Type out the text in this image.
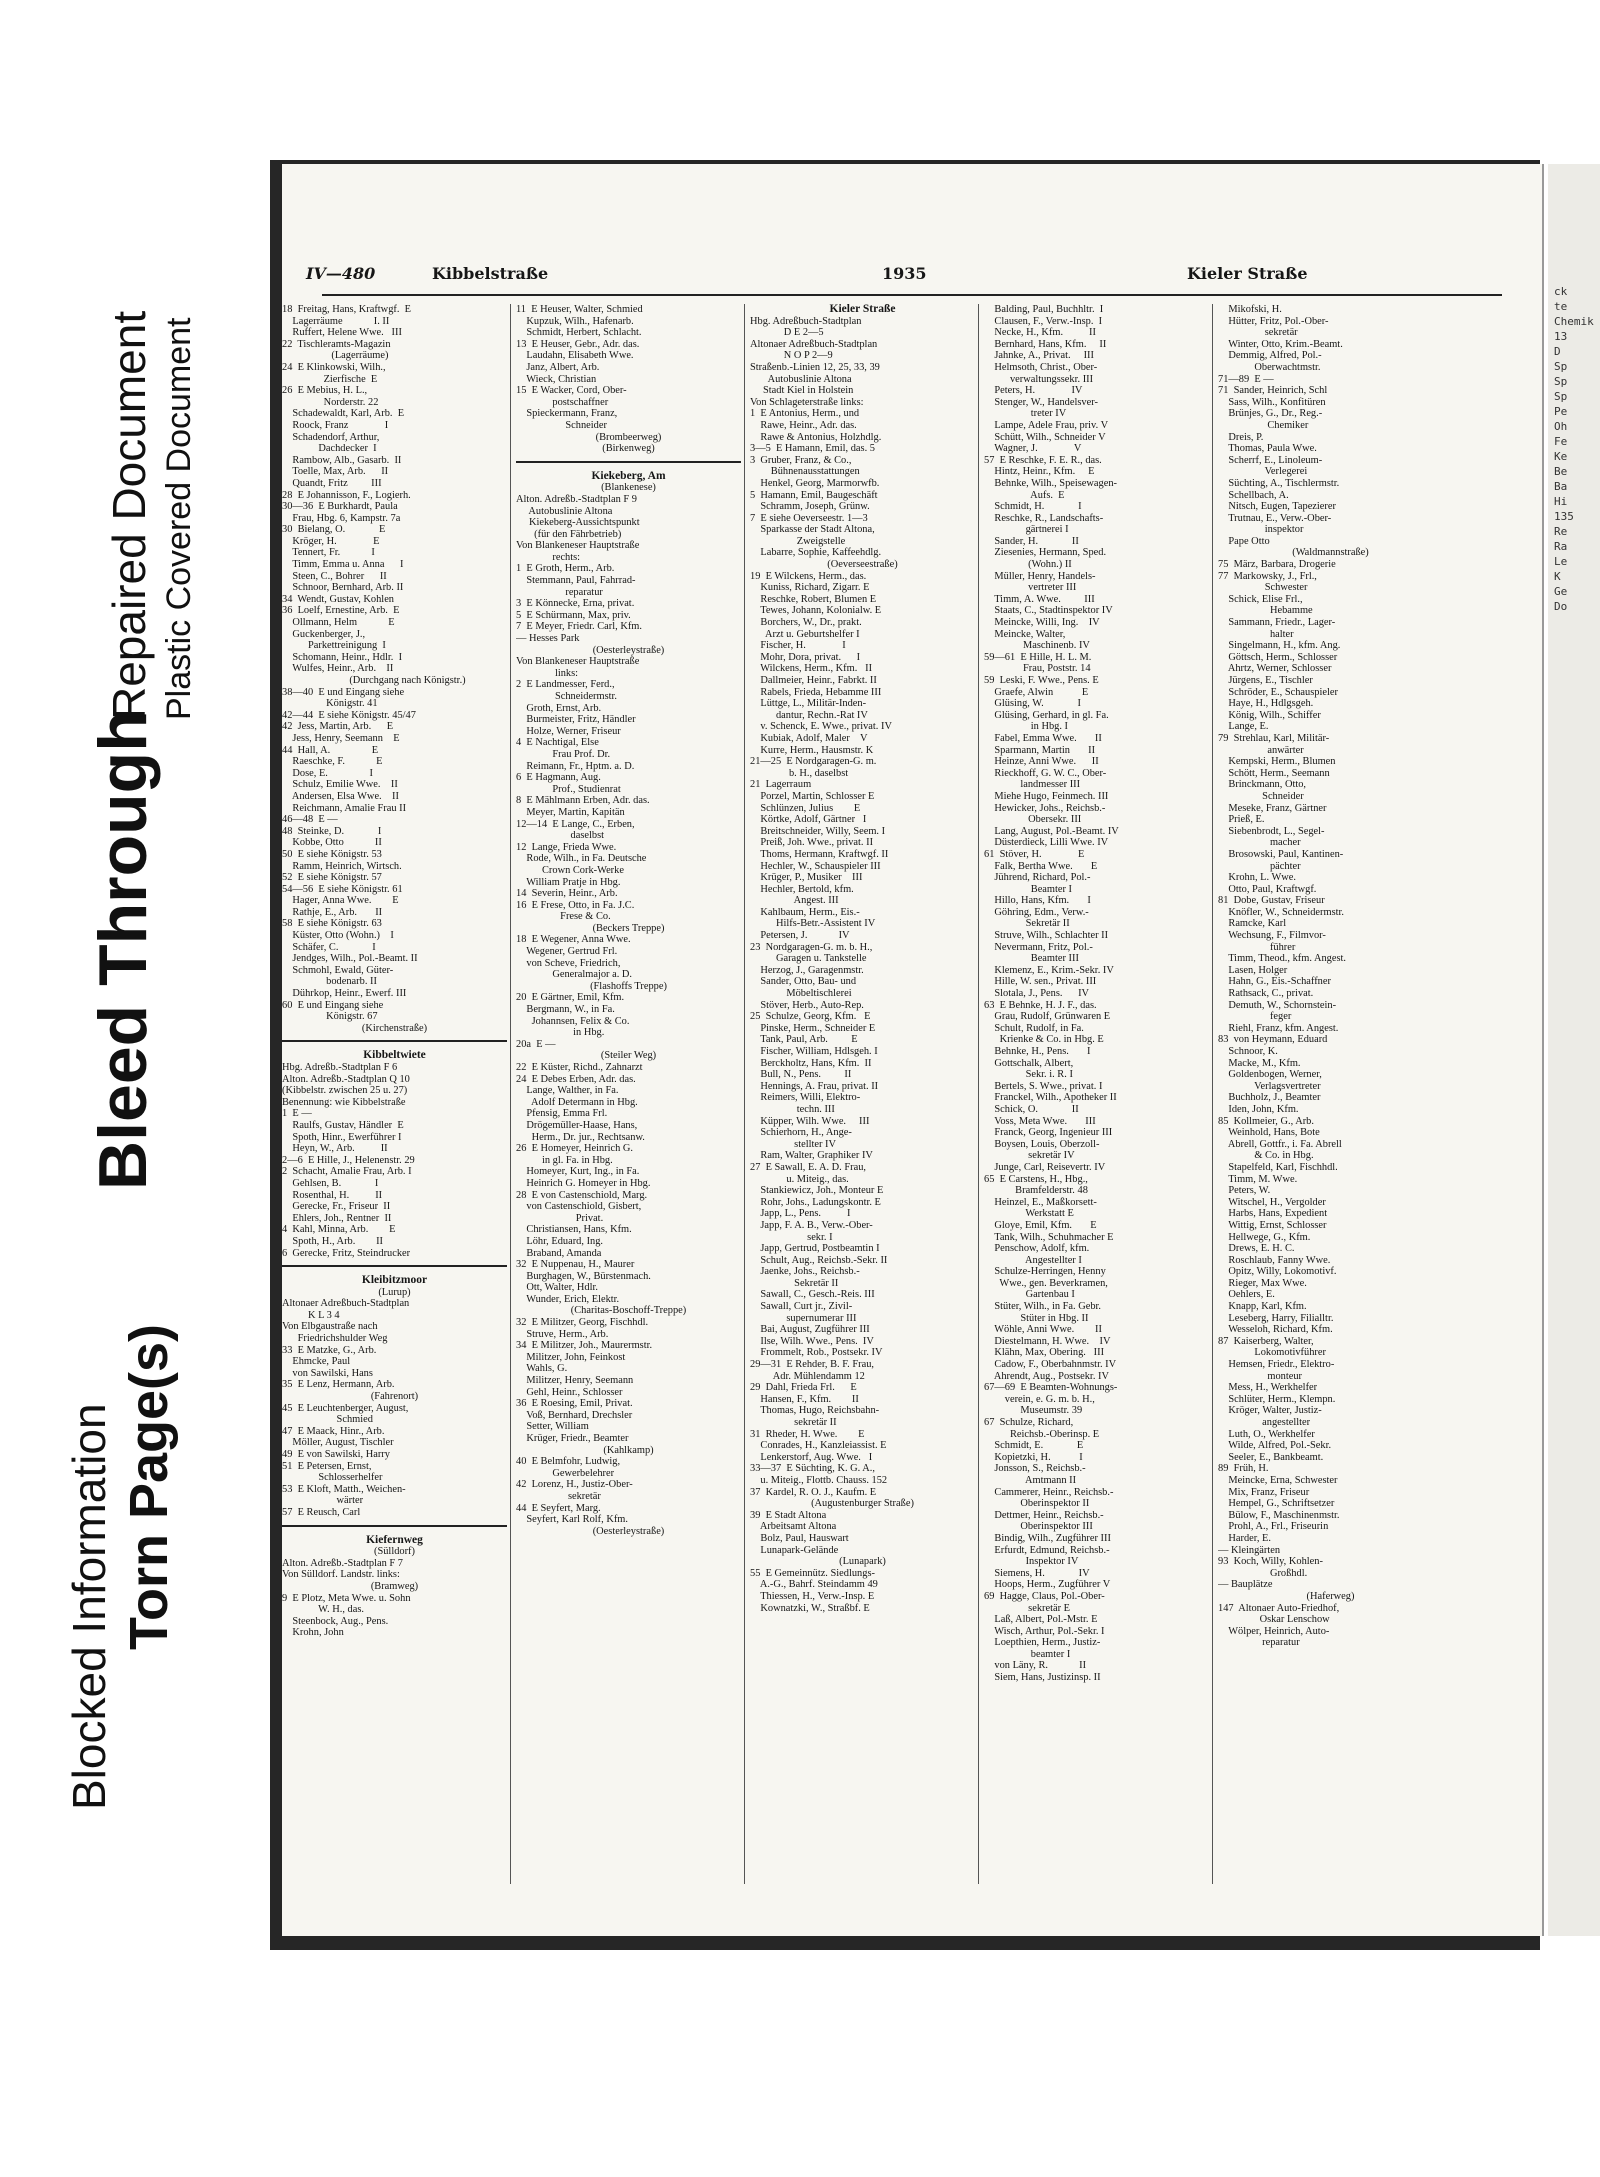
Blocked Information Torn Page(s)
Bleed Through
Repaired Document Plastic Covered Document
IV—480	Kibbelstraße	1935	Kieler Straße
18  Freitag, Hans, Kraftwgf.  E
Lagerräume            I. II
Ruffert, Helene Wwe.   III
22  Tischleramts-Magazin
(Lagerräume)
24  E Klinkowski, Wilh.,
Zierfische  E
26  E Mebius, H. L.,
Norderstr. 22
Schadewaldt, Karl, Arb.  E
Roock, Franz              I
Schadendorf, Arthur,
Dachdecker  I
Rambow, Alb., Gasarb.  II
Toelle, Max, Arb.      II
Quandt, Fritz         III
28  E Johannisson, F., Logierh.
30—36  E Burkhardt, Paula
Frau, Hbg. 6, Kampstr. 7a
30  Bielang, O.             E
Kröger, H.              E
Tennert, Fr.            I
Timm, Emma u. Anna      I
Steen, C., Bohrer      II
Schnoor, Bernhard, Arb. II
34  Wendt, Gustav, Kohlen
36  Loelf, Ernestine, Arb.  E
Ollmann, Helm            E
Guckenberger, J.,
Parkettreinigung  I
Schomann, Heinr., Hdlr.  I
Wulfes, Heinr., Arb.    II
(Durchgang nach Königstr.)
38—40  E und Eingang siehe
Königstr. 41
42—44  E siehe Königstr. 45/47
42  Jess, Martin, Arb.      E
Jess, Henry, Seemann    E
44  Hall, A.                E
Raeschke, F.            E
Dose, E.                I
Schulz, Emilie Wwe.    II
Andersen, Elsa Wwe.    II
Reichmann, Amalie Frau II
46—48  E —
48  Steinke, D.             I
Kobbe, Otto            II
50  E siehe Königstr. 53
Ramm, Heinrich, Wirtsch.
52  E siehe Königstr. 57
54—56  E siehe Königstr. 61
Hager, Anna Wwe.        E
Rathje, E., Arb.       II
58  E siehe Königstr. 63
Küster, Otto (Wohn.)    I
Schäfer, C.             I
Jendges, Wilh., Pol.-Beamt. II
Schmohl, Ewald, Güter-
bodenarb. II
Dührkop, Heinr., Ewerf. III
60  E und Eingang siehe
Königstr. 67
(Kirchenstraße)
Kibbeltwiete
Hbg. Adreßb.-Stadtplan F 6
Alton. Adreßb.-Stadtplan Q 10
(Kibbelstr. zwischen 25 u. 27)
Benennung: wie Kibbelstraße
1  E —
Raulfs, Gustav, Händler  E
Spoth, Hinr., Ewerführer I
Heyn, W., Arb.          II
2—6  E Hille, J., Helenenstr. 29
2  Schacht, Amalie Frau, Arb. I
Gehlsen, B.             I
Rosenthal, H.          II
Gerecke, Fr., Friseur  II
Ehlers, Joh., Rentner  II
4  Kahl, Minna, Arb.        E
Spoth, H., Arb.        II
6  Gerecke, Fritz, Steindrucker
Kleibitzmoor
(Lurup)
Altonaer Adreßbuch-Stadtplan
K L 3 4
Von Elbgaustraße nach
Friedrichshulder Weg
33  E Matzke, G., Arb.
Ehmcke, Paul
von Sawilski, Hans
35  E Lenz, Hermann, Arb.
(Fahrenort)
45  E Leuchtenberger, August,
Schmied
47  E Maack, Hinr., Arb.
Möller, August, Tischler
49  E von Sawilski, Harry
51  E Petersen, Ernst,
Schlosserhelfer
53  E Kloft, Matth., Weichen-
wärter
57  E Reusch, Carl
Kiefernweg
(Sülldorf)
Alton. Adreßb.-Stadtplan F 7
Von Sülldorf. Landstr. links:
(Bramweg)
9  E Plotz, Meta Wwe. u. Sohn
W. H., das.
Steenbock, Aug., Pens.
Krohn, John
11  E Heuser, Walter, Schmied
Kupzuk, Wilh., Hafenarb.
Schmidt, Herbert, Schlacht.
13  E Heuser, Gebr., Adr. das.
Laudahn, Elisabeth Wwe.
Janz, Albert, Arb.
Wieck, Christian
15  E Wacker, Cord, Ober-
postschaffner
Spieckermann, Franz,
Schneider
(Brombeerweg)
(Birkenweg)
Kiekeberg, Am
(Blankenese)
Alton. Adreßb.-Stadtplan F 9
Autobuslinie Altona
Kiekeberg-Aussichtspunkt
(für den Fährbetrieb)
Von Blankeneser Hauptstraße
rechts:
1  E Groth, Herm., Arb.
Stemmann, Paul, Fahrrad-
reparatur
3  E Könnecke, Erna, privat.
5  E Schürmann, Max, priv.
7  E Meyer, Friedr. Carl, Kfm.
— Hesses Park
(Oesterleystraße)
Von Blankeneser Hauptstraße
links:
2  E Landmesser, Ferd.,
Schneidermstr.
Groth, Ernst, Arb.
Burmeister, Fritz, Händler
Holze, Werner, Friseur
4  E Nachtigal, Else
Frau Prof. Dr.
Reimann, Fr., Hptm. a. D.
6  E Hagmann, Aug.
Prof., Studienrat
8  E Mählmann Erben, Adr. das.
Meyer, Martin, Kapitän
12—14  E Lange, C., Erben,
daselbst
12  Lange, Frieda Wwe.
Rode, Wilh., in Fa. Deutsche
Crown Cork-Werke
William Pratje in Hbg.
14  Severin, Heinr., Arb.
16  E Frese, Otto, in Fa. J.C.
Frese & Co.
(Beckers Treppe)
18  E Wegener, Anna Wwe.
Wegener, Gertrud Frl.
von Scheve, Friedrich,
Generalmajor a. D.
(Flashoffs Treppe)
20  E Gärtner, Emil, Kfm.
Bergmann, W., in Fa.
Johannsen, Felix & Co.
in Hbg.
20a  E —
(Steiler Weg)
22  E Küster, Richd., Zahnarzt
24  E Debes Erben, Adr. das.
Lange, Walther, in Fa.
Adolf Determann in Hbg.
Pfensig, Emma Frl.
Drögemüller-Haase, Hans,
Herm., Dr. jur., Rechtsanw.
26  E Homeyer, Heinrich G.
in gl. Fa. in Hbg.
Homeyer, Kurt, Ing., in Fa.
Heinrich G. Homeyer in Hbg.
28  E von Castenschiold, Marg.
von Castenschiold, Gisbert,
Privat.
Christiansen, Hans, Kfm.
Löhr, Eduard, Ing.
Braband, Amanda
32  E Nuppenau, H., Maurer
Burghagen, W., Bürstenmach.
Ott, Walter, Hdlr.
Wunder, Erich, Elektr.
(Charitas-Boschoff-Treppe)
32  E Militzer, Georg, Fischhdl.
Struve, Herm., Arb.
34  E Militzer, Joh., Maurermstr.
Militzer, John, Feinkost
Wahls, G.
Militzer, Henry, Seemann
Gehl, Heinr., Schlosser
36  E Roesing, Emil, Privat.
Voß, Bernhard, Drechsler
Setter, William
Krüger, Friedr., Beamter
(Kahlkamp)
40  E Belmfohr, Ludwig,
Gewerbelehrer
42  Lorenz, H., Justiz-Ober-
sekretär
44  E Seyfert, Marg.
Seyfert, Karl Rolf, Kfm.
(Oesterleystraße)
Kieler Straße
Hbg. Adreßbuch-Stadtplan
D E 2—5
Altonaer Adreßbuch-Stadtplan
N O P 2—9
Straßenb.-Linien 12, 25, 33, 39
Autobuslinie Altona
Stadt Kiel in Holstein
Von Schlageterstraße links:
1  E Antonius, Herm., und
Rawe, Heinr., Adr. das.
Rawe & Antonius, Holzhdlg.
3—5  E Hamann, Emil, das. 5
3  Gruber, Franz, & Co.,
Bühnenausstattungen
Henkel, Georg, Marmorwfb.
5  Hamann, Emil, Baugeschäft
Schramm, Joseph, Grünw.
7  E siehe Oeverseestr. 1—3
Sparkasse der Stadt Altona,
Zweigstelle
Labarre, Sophie, Kaffeehdlg.
(Oeverseestraße)
19  E Wilckens, Herm., das.
Kuniss, Richard, Zigarr. E
Reschke, Robert, Blumen E
Tewes, Johann, Kolonialw. E
Borchers, W., Dr., prakt.
Arzt u. Geburtshelfer I
Fischer, H.              I
Mohr, Dora, privat.      I
Wilckens, Herm., Kfm.   II
Dallmeier, Heinr., Fabrkt. II
Rabels, Frieda, Hebamme III
Lüttge, L., Militär-Inden-
dantur, Rechn.-Rat IV
v. Schenck, E. Wwe., privat. IV
Kubiak, Adolf, Maler    V
Kurre, Herm., Hausmstr. K
21—25  E Nordgaragen-G. m.
b. H., daselbst
21  Lagerraum
Porzel, Martin, Schlosser E
Schlünzen, Julius        E
Körtke, Adolf, Gärtner   I
Breitschneider, Willy, Seem. I
Preiß, Joh. Wwe., privat. II
Thoms, Hermann, Kraftwgf. II
Hechler, W., Schauspieler III
Krüger, P., Musiker    III
Hechler, Bertold, kfm.
Angest. III
Kahlbaum, Herm., Eis.-
Hilfs-Betr.-Assistent IV
Petersen, J.            IV
23  Nordgaragen-G. m. b. H.,
Garagen u. Tankstelle
Herzog, J., Garagenmstr.
Sander, Otto, Bau- und
Möbeltischlerei
Stöver, Herb., Auto-Rep.
25  Schulze, Georg, Kfm.   E
Pinske, Herm., Schneider E
Tank, Paul, Arb.         E
Fischer, William, Hdlsgeh. I
Berckholtz, Hans, Kfm.  II
Bull, N., Pens.         II
Hennings, A. Frau, privat. II
Reimers, Willi, Elektro-
techn. III
Küpper, Wilh. Wwe.     III
Schierhorn, H., Ange-
stellter IV
Ram, Walter, Graphiker IV
27  E Sawall, E. A. D. Frau,
u. Miteig., das.
Stankiewicz, Joh., Monteur E
Rohr, Johs., Ladungskontr. E
Japp, L., Pens.          I
Japp, F. A. B., Verw.-Ober-
sekr. I
Japp, Gertrud, Postbeamtin I
Schult, Aug., Reichsb.-Sekr. II
Jaenke, Johs., Reichsb.-
Sekretär II
Sawall, C., Gesch.-Reis. III
Sawall, Curt jr., Zivil-
supernumerar III
Bai, August, Zugführer III
Ilse, Wilh. Wwe., Pens.  IV
Frommelt, Rob., Postsekr. IV
29—31  E Rehder, B. F. Frau,
Adr. Mühlendamm 12
29  Dahl, Frieda Frl.      E
Hansen, F., Kfm.        II
Thomas, Hugo, Reichsbahn-
sekretär II
31  Rheder, H. Wwe.        E
Conrades, H., Kanzleiassist. E
Lenkerstorf, Aug. Wwe.   I
33—37  E Süchting, K. G. A.,
u. Miteig., Flottb. Chauss. 152
37  Kardel, R. O. J., Kaufm. E
(Augustenburger Straße)
39  E Stadt Altona
Arbeitsamt Altona
Bolz, Paul, Hauswart
Lunapark-Gelände
(Lunapark)
55  E Gemeinnütz. Siedlungs-
A.-G., Bahrf. Steindamm 49
Thiessen, H., Verw.-Insp. E
Kownatzki, W., Straßbf. E
Balding, Paul, Buchhltr.  I
Clausen, F., Verw.-Insp.  I
Necke, H., Kfm.          II
Bernhard, Hans, Kfm.     II
Jahnke, A., Privat.     III
Helmsoth, Christ., Ober-
verwaltungssekr. III
Peters, H.              IV
Stenger, W., Handelsver-
treter IV
Lampe, Adele Frau, priv. V
Schütt, Wilh., Schneider V
Wagner, J.              V
57  E Reschke, F. E. R., das.
Hintz, Heinr., Kfm.     E
Behnke, Wilh., Speisewagen-
Aufs.  E
Schmidt, H.             I
Reschke, R., Landschafts-
gärtnerei I
Sander, H.             II
Ziesenies, Hermann, Sped.
(Wohn.) II
Müller, Henry, Handels-
vertreter III
Timm, A. Wwe.         III
Staats, C., Stadtinspektor IV
Meincke, Willi, Ing.    IV
Meincke, Walter,
Maschinenb. IV
59—61  E Hille, H. L. M.
Frau, Poststr. 14
59  Leski, F. Wwe., Pens. E
Graefe, Alwin           E
Glüsing, W.             I
Glüsing, Gerhard, in gl. Fa.
in Hbg. I
Fabel, Emma Wwe.       II
Sparmann, Martin       II
Heinze, Anni Wwe.      II
Rieckhoff, G. W. C., Ober-
landmesser III
Miehe Hugo, Feinmech. III
Hewicker, Johs., Reichsb.-
Obersekr. III
Lang, August, Pol.-Beamt. IV
Düsterdieck, Lilli Wwe. IV
61  Stöver, H.              E
Falk, Bertha Wwe.       E
Jührend, Richard, Pol.-
Beamter I
Hillo, Hans, Kfm.       I
Göhring, Edm., Verw.-
Sekretär II
Struve, Wilh., Schlachter II
Nevermann, Fritz, Pol.-
Beamter III
Klemenz, E., Krim.-Sekr. IV
Hille, W. sen., Privat. III
Slotala, J., Pens.      IV
63  E Behnke, H. J. F., das.
Grau, Rudolf, Grünwaren E
Schult, Rudolf, in Fa.
Krienke & Co. in Hbg. E
Behnke, H., Pens.       I
Gottschalk, Albert,
Sekr. i. R. I
Bertels, S. Wwe., privat. I
Franckel, Wilh., Apotheker II
Schick, O.             II
Voss, Meta Wwe.       III
Franck, Georg, Ingenieur III
Boysen, Louis, Oberzoll-
sekretär IV
Junge, Carl, Reisevertr. IV
65  E Carstens, H., Hbg.,
Bramfelderstr. 48
Heinzel, E., Maßkorsett-
Werkstatt E
Gloye, Emil, Kfm.       E
Tank, Wilh., Schuhmacher E
Penschow, Adolf, kfm.
Angestellter I
Schulze-Herringen, Henny
Wwe., gen. Beverkramen,
Gartenbau I
Stüter, Wilh., in Fa. Gebr.
Stüter in Hbg. II
Wöhle, Anni Wwe.        II
Diestelmann, H. Wwe.    IV
Klähn, Max, Obering.   III
Cadow, F., Oberbahnmstr. IV
Ahrendt, Aug., Postsekr. IV
67—69  E Beamten-Wohnungs-
verein, e. G. m. b. H.,
Museumstr. 39
67  Schulze, Richard,
Reichsb.-Oberinsp. E
Schmidt, E.             E
Kopietzki, H.           I
Jonsson, S., Reichsb.-
Amtmann II
Cammerer, Heinr., Reichsb.-
Oberinspektor II
Dettmer, Heinr., Reichsb.-
Oberinspektor III
Bindig, Wilh., Zugführer III
Erfurdt, Edmund, Reichsb.-
Inspektor IV
Siemens, H.             IV
Hoops, Herm., Zugführer V
69  Hagge, Claus, Pol.-Ober-
sekretär E
Laß, Albert, Pol.-Mstr. E
Wisch, Arthur, Pol.-Sekr. I
Loepthien, Herm., Justiz-
beamter I
von Läny, R.            II
Siem, Hans, Justizinsp. II
Mikofski, H.
Hütter, Fritz, Pol.-Ober-
sekretär
Winter, Otto, Krim.-Beamt.
Demmig, Alfred, Pol.-
Oberwachtmstr.
71—89  E —
71  Sander, Heinrich, Schl
Sass, Wilh., Konfitüren
Brünjes, G., Dr., Reg.-
Chemiker
Dreis, P.
Thomas, Paula Wwe.
Scherrf, E., Linoleum-
Verlegerei
Süchting, A., Tischlermstr.
Schellbach, A.
Nitsch, Eugen, Tapezierer
Trutnau, E., Verw.-Ober-
inspektor
Pape Otto
(Waldmannstraße)
75  März, Barbara, Drogerie
77  Markowsky, J., Frl.,
Schwester
Schick, Elise Frl.,
Hebamme
Sammann, Friedr., Lager-
halter
Singelmann, H., kfm. Ang.
Göttsch, Herm., Schlosser
Ahrtz, Werner, Schlosser
Jürgens, E., Tischler
Schröder, E., Schauspieler
Haye, H., Hdlgsgeh.
König, Wilh., Schiffer
Lange, E.
79  Strehlau, Karl, Militär-
anwärter
Kempski, Herm., Blumen
Schött, Herm., Seemann
Brinckmann, Otto,
Schneider
Meseke, Franz, Gärtner
Prieß, E.
Siebenbrodt, L., Segel-
macher
Brosowski, Paul, Kantinen-
pächter
Krohn, L. Wwe.
Otto, Paul, Kraftwgf.
81  Dobe, Gustav, Friseur
Knöfler, W., Schneidermstr.
Ramcke, Karl
Wechsung, F., Filmvor-
führer
Timm, Theod., kfm. Angest.
Lasen, Holger
Hahn, G., Eis.-Schaffner
Rathsack, C., privat.
Demuth, W., Schornstein-
feger
Riehl, Franz, kfm. Angest.
83  von Heymann, Eduard
Schnoor, K.
Macke, M., Kfm.
Goldenbogen, Werner,
Verlagsvertreter
Buchholz, J., Beamter
Iden, John, Kfm.
85  Kollmeier, G., Arb.
Weinhold, Hans, Bote
Abrell, Gottfr., i. Fa. Abrell
& Co. in Hbg.
Stapelfeld, Karl, Fischhdl.
Timm, M. Wwe.
Peters, W.
Witschel, H., Vergolder
Harbs, Hans, Expedient
Wittig, Ernst, Schlosser
Hellwege, G., Kfm.
Drews, E. H. C.
Roschlaub, Fanny Wwe.
Opitz, Willy, Lokomotivf.
Rieger, Max Wwe.
Oehlers, E.
Knapp, Karl, Kfm.
Leseberg, Harry, Filialltr.
Wesseloh, Richard, Kfm.
87  Kaiserberg, Walter,
Lokomotivführer
Hemsen, Friedr., Elektro-
monteur
Mess, H., Werkhelfer
Schlüter, Herm., Klempn.
Kröger, Walter, Justiz-
angestellter
Luth, O., Werkhelfer
Wilde, Alfred, Pol.-Sekr.
Seeler, E., Bankbeamt.
89  Früh, H.
Meincke, Erna, Schwester
Mix, Franz, Friseur
Hempel, G., Schriftsetzer
Bülow, F., Maschinenmstr.
Prohl, A., Frl., Friseurin
Harder, E.
— Kleingärten
93  Koch, Willy, Kohlen-
Großhdl.
— Bauplätze
(Haferweg)
147  Altonaer Auto-Friedhof,
Oskar Lenschow
Wölper, Heinrich, Auto-
reparatur
ck
te
Chemik
13
D
Sp
Sp
Sp
Pe
Oh
Fe
Ke
Be
Ba
Hi
135
Re
Ra
Le
K
Ge
Do
